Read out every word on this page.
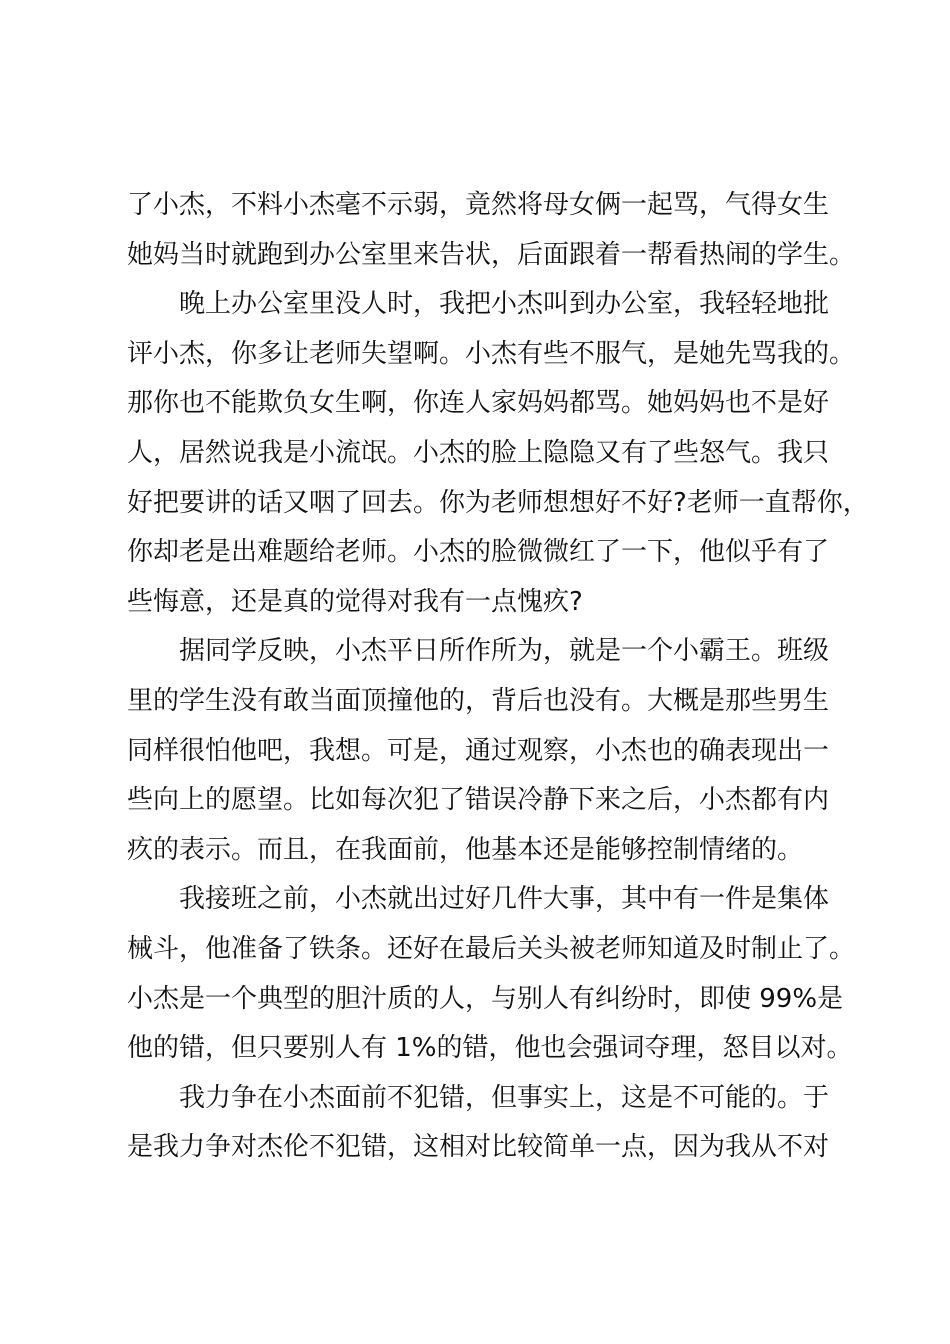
了小杰，不料小杰毫不示弱，竟然将母女俩一起骂，气得女生
她妈当时就跑到办公室里来告状，后面跟着一帮看热闹的学生。
晚上办公室里没人时，我把小杰叫到办公室，我轻轻地批
评小杰，你多让老师失望啊。小杰有些不服气，是她先骂我的。
那你也不能欺负女生啊，你连人家妈妈都骂。她妈妈也不是好
人，居然说我是小流氓。小杰的脸上隐隐又有了些怒气。我只
好把要讲的话又咽了回去。你为老师想想好不好?老师一直帮你，
你却老是出难题给老师。小杰的脸微微红了一下，他似乎有了
些悔意，还是真的觉得对我有一点愧疚?
据同学反映，小杰平日所作所为，就是一个小霸王。班级
里的学生没有敢当面顶撞他的，背后也没有。大概是那些男生
同样很怕他吧，我想。可是，通过观察，小杰也的确表现出一
些向上的愿望。比如每次犯了错误冷静下来之后，小杰都有内
疚的表示。而且，在我面前，他基本还是能够控制情绪的。
我接班之前，小杰就出过好几件大事，其中有一件是集体
械斗，他准备了铁条。还好在最后关头被老师知道及时制止了。
小杰是一个典型的胆汁质的人，与别人有纠纷时，即使 99%是
他的错，但只要别人有 1%的错，他也会强词夺理，怒目以对。
我力争在小杰面前不犯错，但事实上，这是不可能的。于
是我力争对杰伦不犯错，这相对比较简单一点，因为我从不对
